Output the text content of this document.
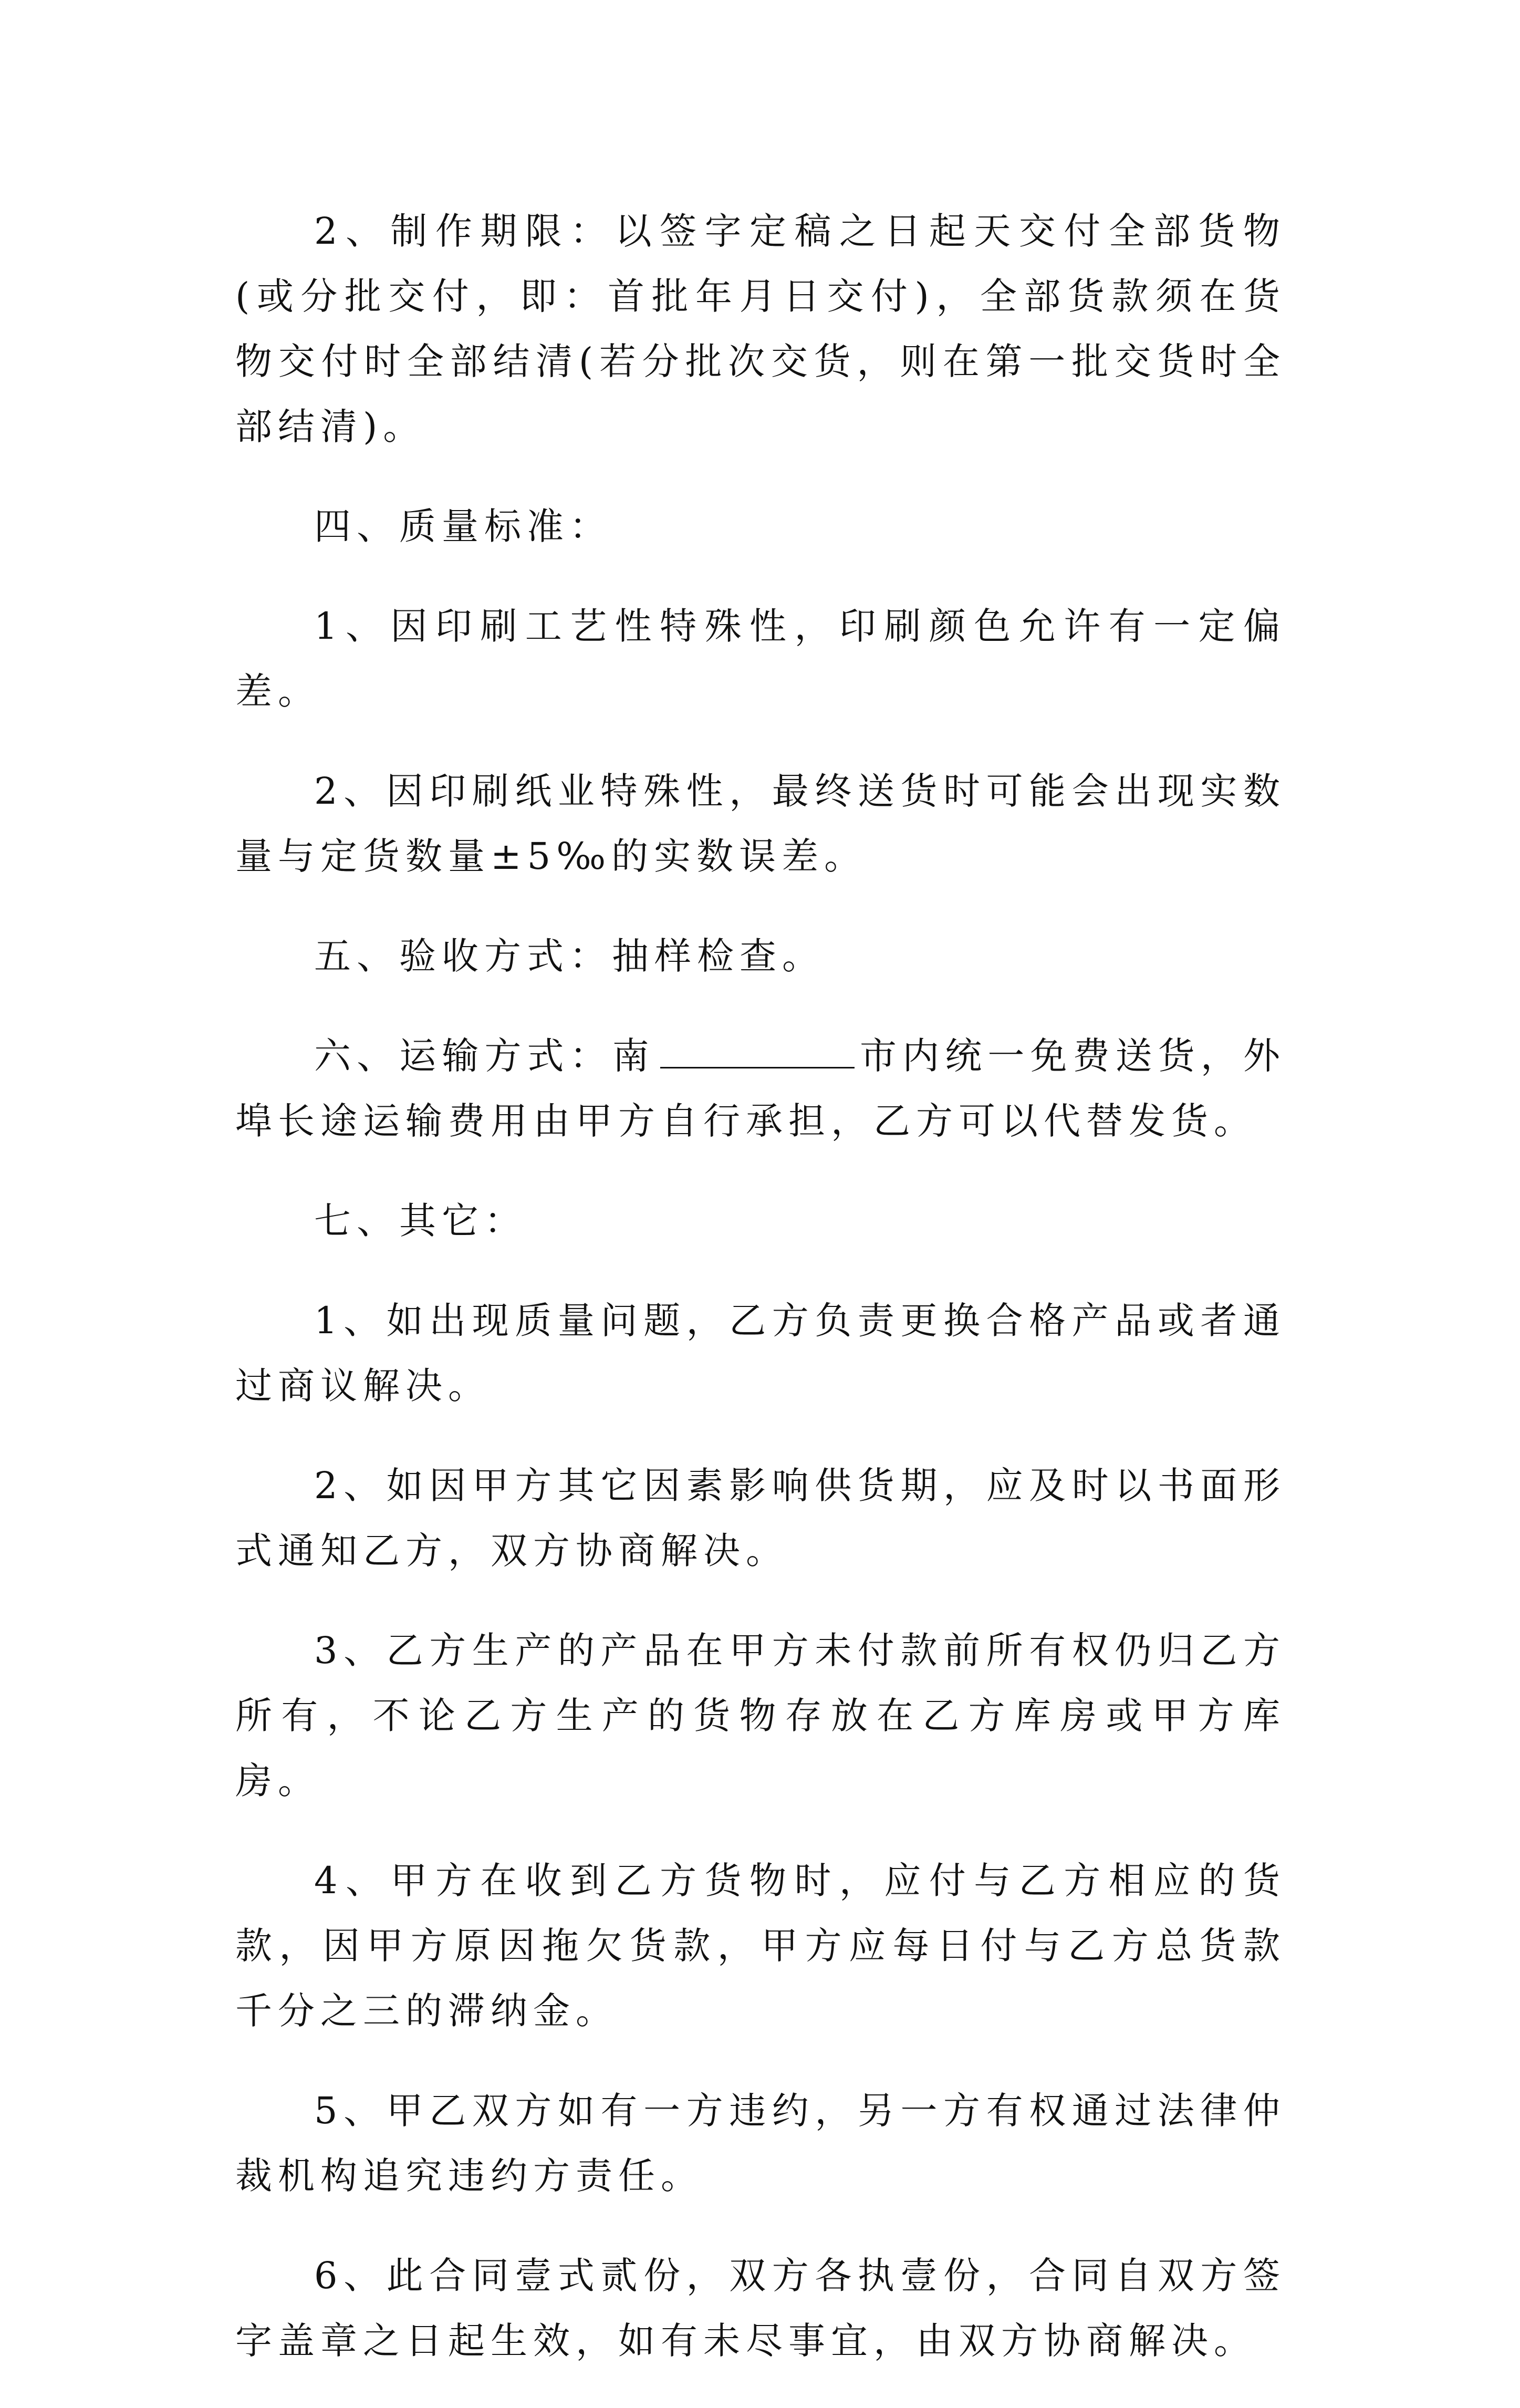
2、制作期限：以签字定稿之日起天交付全部货物(或分批交付，即：首批年月日交付)，全部货款须在货物交付时全部结清(若分批次交货，则在第一批交货时全部结清)。

四、质量标准：

1、因印刷工艺性特殊性，印刷颜色允许有一定偏差。

2、因印刷纸业特殊性，最终送货时可能会出现实数量与定货数量±5‰的实数误差。

五、验收方式：抽样检查。

六、运输方式：南	市内统一免费送货，外埠长途运输费用由甲方自行承担，乙方可以代替发货。

七、其它：

1、如出现质量问题，乙方负责更换合格产品或者通过商议解决。

2、如因甲方其它因素影响供货期，应及时以书面形式通知乙方，双方协商解决。

3、乙方生产的产品在甲方未付款前所有权仍归乙方所有，不论乙方生产的货物存放在乙方库房或甲方库房。

4、甲方在收到乙方货物时，应付与乙方相应的货款，因甲方原因拖欠货款，甲方应每日付与乙方总货款千分之三的滞纳金。

5、甲乙双方如有一方违约，另一方有权通过法律仲裁机构追究违约方责任。

6、此合同壹式贰份，双方各执壹份，合同自双方签字盖章之日起生效，如有未尽事宜，由双方协商解决。
